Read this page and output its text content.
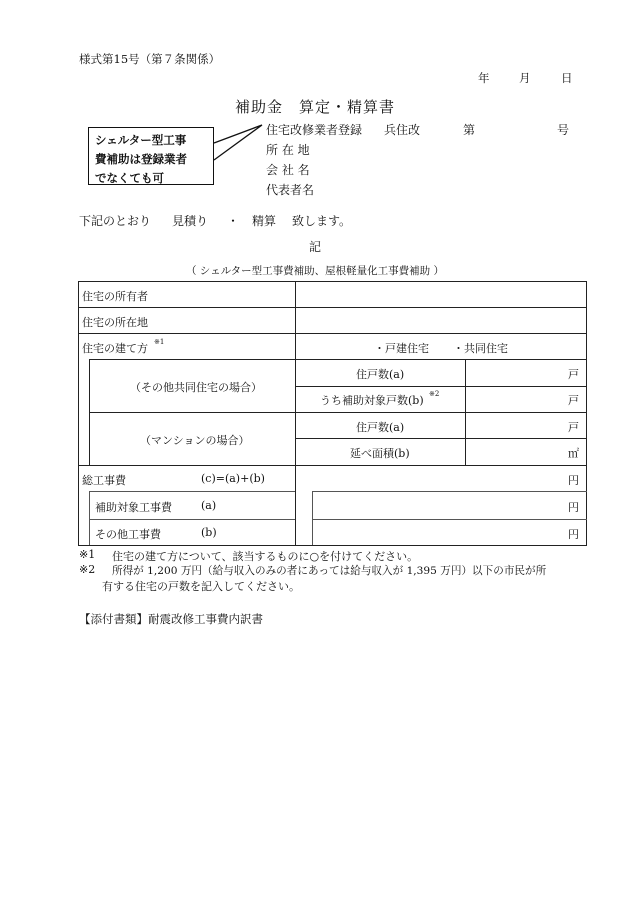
様式第15号（第７条関係）
年	月	日
補助金　算定・精算書
シェルター型工事
費補助は登録業者
でなくても可
住宅改修業者登録 兵住改	第	号
所 在 地
会 社 名
代表者名
下記のとおり 見積り ・ 精算 致します。
記
（ シェルター型工事費補助、屋根軽量化工事費補助 ）
住宅の所有者
住宅の所在地
住宅の建て方 ※1	・戸建住宅 ・共同住宅
（その他共同住宅の場合）
住戸数(a)	戸
うち補助対象戸数(b) ※2	戸
（マンションの場合）
住戸数(a)	戸
延べ面積(b)	㎡
総工事費	(c)=(a)+(b)	円
補助対象工事費	(a)	円
その他工事費	(b)	円
※1 住宅の建て方について、該当するものに○を付けてください。
※2 所得が 1,200 万円（給与収入のみの者にあっては給与収入が 1,395 万円）以下の市民が所
有する住宅の戸数を記入してください。
【添付書類】耐震改修工事費内訳書
